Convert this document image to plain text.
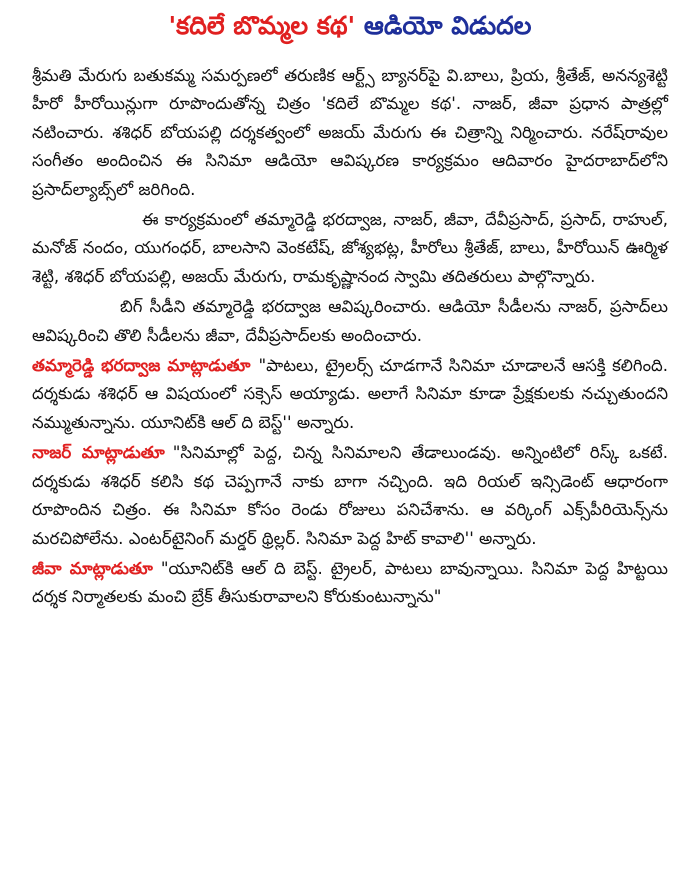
'కదిలే బొమ్మల కథ' ఆడియో విడుదల

శ్రీమతి మేరుగు బతుకమ్మ సమర్పణలో తరుణిక ఆర్ట్స్ బ్యానర్‌పై వి.బాలు, ప్రియ, శ్రీతేజ్, అనన్యశెట్టి హీరో హీరోయిన్లుగా రూపొందుతోన్న చిత్రం 'కదిలే బొమ్మల కథ'. నాజర్, జీవా ప్రధాన పాత్రల్లో నటించారు. శశిధర్ బోయపల్లి దర్శకత్వంలో అజయ్ మేరుగు ఈ చిత్రాన్ని నిర్మించారు. నరేష్‌రావుల సంగీతం అందించిన ఈ సినిమా ఆడియో ఆవిష్కరణ కార్యక్రమం ఆదివారం హైదరాబాద్‌లోని ప్రసాద్‌ల్యాబ్స్‌లో జరిగింది.

ఈ కార్యక్రమంలో తమ్మారెడ్డి భరద్వాజ, నాజర్, జీవా, దేవీప్రసాద్, ప్రసాద్, రాహుల్, మనోజ్ నందం, యుగంధర్, బాలసాని వెంకటేష్, జోశ్యభట్ల, హీరోలు శ్రీతేజ్, బాలు, హీరోయిన్ ఊర్మిళ శెట్టి, శశిధర్ బోయపల్లి, అజయ్ మేరుగు, రామకృష్ణానంద స్వామి తదితరులు పాల్గొన్నారు.

బిగ్ సీడీని తమ్మారెడ్డి భరద్వాజ ఆవిష్కరించారు. ఆడియో సీడీలను నాజర్, ప్రసాద్‌లు ఆవిష్కరించి తొలి సీడీలను జీవా, దేవీప్రసాద్‌లకు అందించారు.

తమ్మారెడ్డి భరద్వాజ మాట్లాడుతూ "పాటలు, ట్రైలర్స్ చూడగానే సినిమా చూడాలనే ఆసక్తి కలిగింది. దర్శకుడు శశిధర్ ఆ విషయంలో సక్సెస్ అయ్యాడు. అలాగే సినిమా కూడా ప్రేక్షకులకు నచ్చుతుందని నమ్ముతున్నాను. యూనిట్‌కి ఆల్ ది బెస్ట్'' అన్నారు.

నాజర్ మాట్లాడుతూ "సినిమాల్లో పెద్ద, చిన్న సినిమాలని తేడాలుండవు. అన్నింటిలో రిస్క్ ఒకటే. దర్శకుడు శశిధర్ కలిసి కథ చెప్పగానే నాకు బాగా నచ్చింది. ఇది రియల్ ఇన్సిడెంట్ ఆధారంగా రూపొందిన చిత్రం. ఈ సినిమా కోసం రెండు రోజులు పనిచేశాను. ఆ వర్కింగ్ ఎక్స్‌పీరియెన్స్‌ను మరచిపోలేను. ఎంటర్‌టైనింగ్ మర్డర్ థ్రిల్లర్. సినిమా పెద్ద హిట్ కావాలి'' అన్నారు.

జీవా మాట్లాడుతూ "యూనిట్‌కి ఆల్ ది బెస్ట్. ట్రైలర్, పాటలు బావున్నాయి. సినిమా పెద్ద హిట్టయి దర్శక నిర్మాతలకు మంచి బ్రేక్ తీసుకురావాలని కోరుకుంటున్నాను"
